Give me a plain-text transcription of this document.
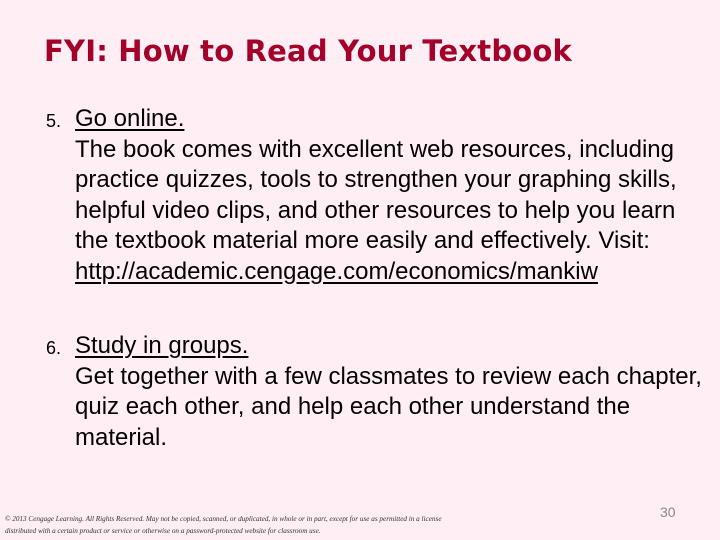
FYI: How to Read Your Textbook
5. Go online.
The book comes with excellent web resources, including practice quizzes, tools to strengthen your graphing skills, helpful video clips, and other resources to help you learn the textbook material more easily and effectively. Visit:
http://academic.cengage.com/economics/mankiw
6. Study in groups.
Get together with a few classmates to review each chapter, quiz each other, and help each other understand the material.
© 2013 Cengage Learning. All Rights Reserved. May not be copied, scanned, or duplicated, in whole or in part, except for use as permitted in a license distributed with a certain product or service or otherwise on a password-protected website for classroom use.
30
